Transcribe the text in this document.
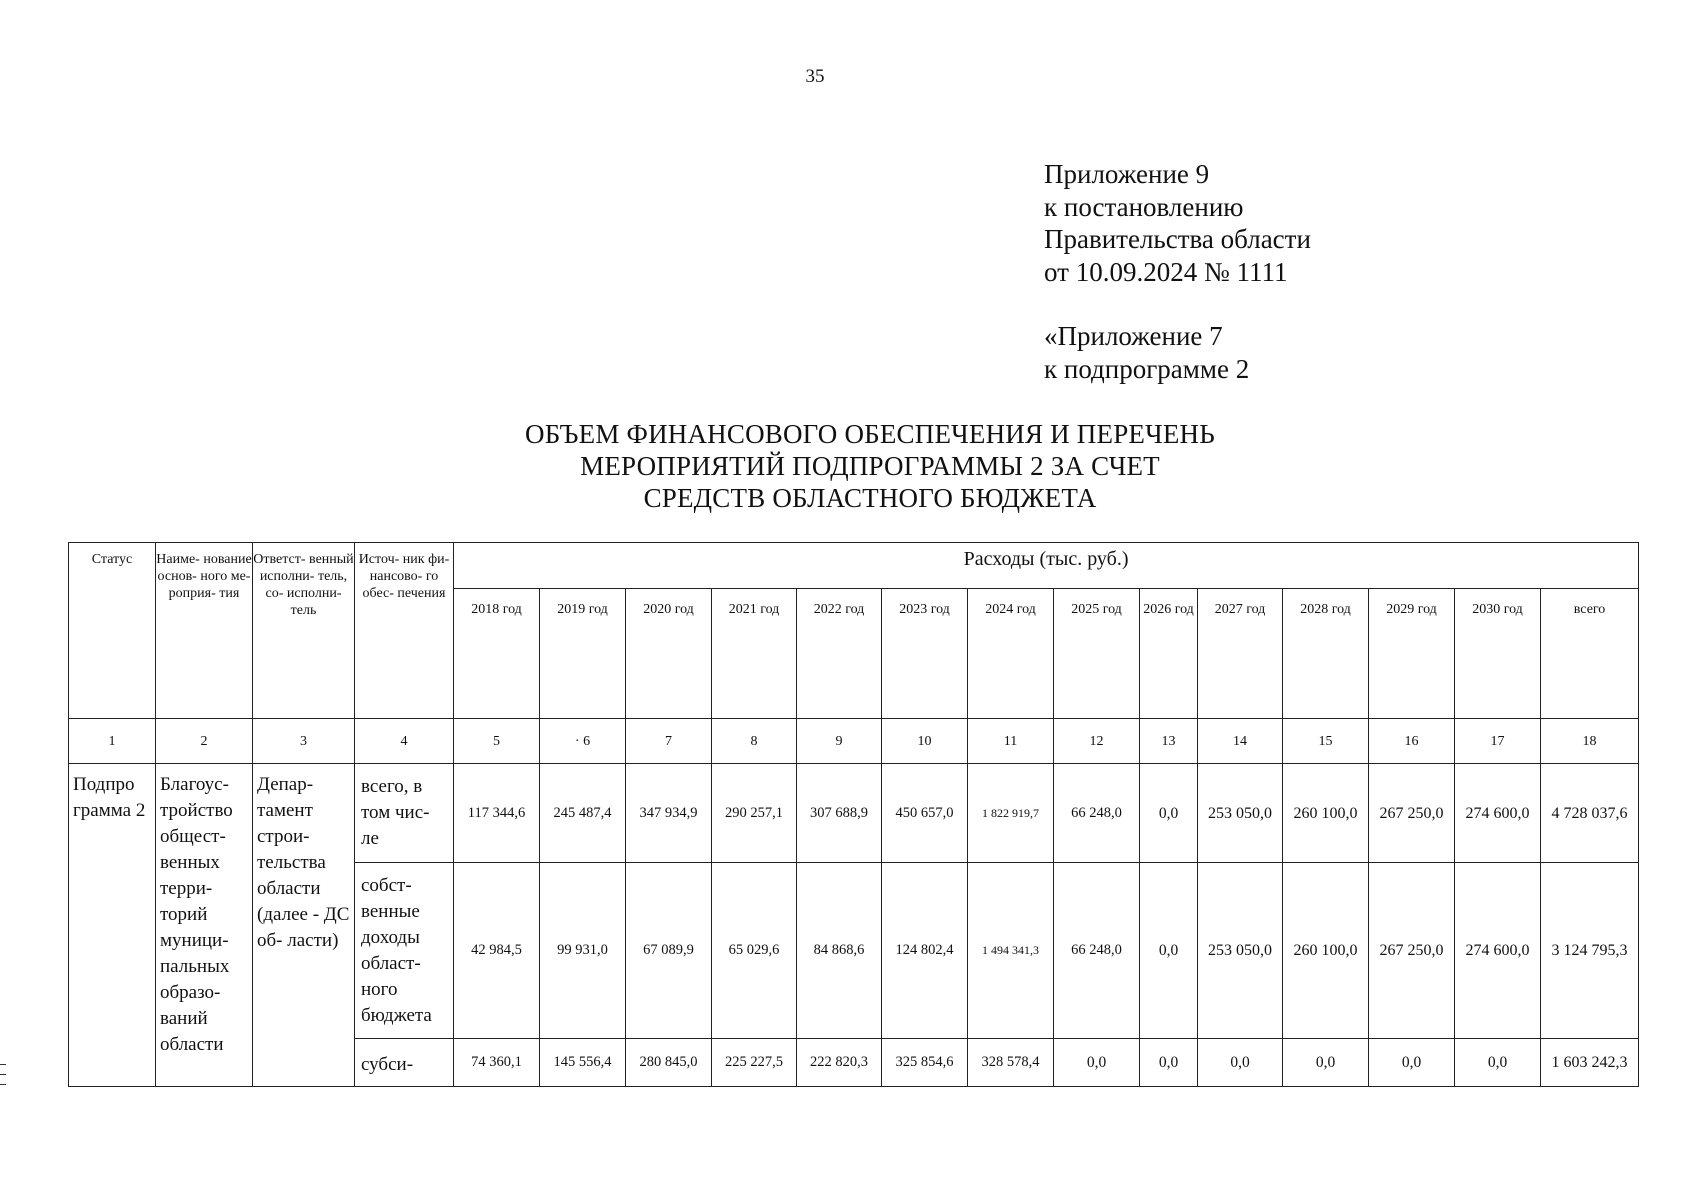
35
Приложение 9
к постановлению
Правительства области
от 10.09.2024 № 1111
«Приложение 7
к подпрограмме 2
ОБЪЕМ ФИНАНСОВОГО ОБЕСПЕЧЕНИЯ И ПЕРЕЧЕНЬ
МЕРОПРИЯТИЙ ПОДПРОГРАММЫ 2 ЗА СЧЕТ
СРЕДСТВ ОБЛАСТНОГО БЮДЖЕТА
Статус	Наиме- нование основ- ного ме- роприя- тия	Ответст- венный исполни- тель, со- исполни- тель	Источ- ник фи- нансово- го обес- печения	Расходы (тыс. руб.)													
				2018 год	2019 год	2020 год	2021 год	2022 год	2023 год	2024 год	2025 год	2026 год	2027 год	2028 год	2029 год	2030 год	всего
1	2	3	4	5	· 6	7	8	9	10	11	12	13	14	15	16	17	18
Подпро грамма 2	Благоус- тройство общест- венных терри- торий муници- пальных образо- ваний области	Депар- тамент строи- тельства области (далее - ДС об- ласти)	всего, в том чис- ле	117 344,6	245 487,4	347 934,9	290 257,1	307 688,9	450 657,0	1 822 919,7	66 248,0	0,0	253 050,0	260 100,0	267 250,0	274 600,0	4 728 037,6
			собст- венные доходы област- ного бюджета	42 984,5	99 931,0	67 089,9	65 029,6	84 868,6	124 802,4	1 494 341,3	66 248,0	0,0	253 050,0	260 100,0	267 250,0	274 600,0	3 124 795,3
			субси-	74 360,1	145 556,4	280 845,0	225 227,5	222 820,3	325 854,6	328 578,4	0,0	0,0	0,0	0,0	0,0	0,0	1 603 242,3
